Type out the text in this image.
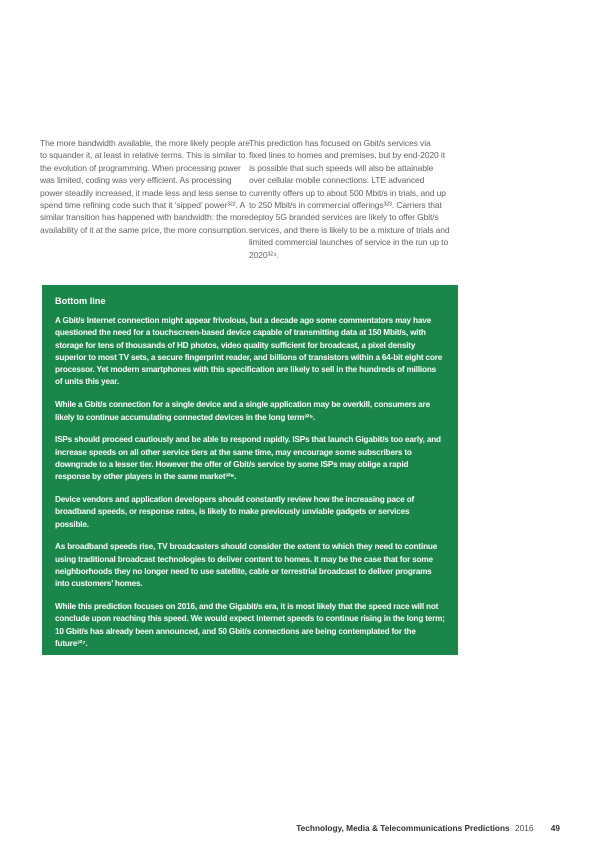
The more bandwidth available, the more likely people are to squander it, at least in relative terms. This is similar to the evolution of programming. When processing power was limited, coding was very efficient. As processing power steadily increased, it made less and less sense to spend time refining code such that it ‘sipped’ power³²². A similar transition has happened with bandwidth: the more availability of it at the same price, the more consumption.
This prediction has focused on Gbit/s services via fixed lines to homes and premises, but by end-2020 it is possible that such speeds will also be attainable over cellular mobile connections. LTE advanced currently offers up to about 500 Mbit/s in trials, and up to 250 Mbit/s in commercial offerings³²³. Carriers that deploy 5G branded services are likely to offer Gbit/s services, and there is likely to be a mixture of trials and limited commercial launches of service in the run up to 2020³²⁴.
Bottom line

A Gbit/s Internet connection might appear frivolous, but a decade ago some commentators may have questioned the need for a touchscreen-based device capable of transmitting data at 150 Mbit/s, with storage for tens of thousands of HD photos, video quality sufficient for broadcast, a pixel density superior to most TV sets, a secure fingerprint reader, and billions of transistors within a 64-bit eight core processor. Yet modern smartphones with this specification are likely to sell in the hundreds of millions of units this year.

While a Gbit/s connection for a single device and a single application may be overkill, consumers are likely to continue accumulating connected devices in the long term³²⁵.

ISPs should proceed cautiously and be able to respond rapidly. ISPs that launch Gigabit/s too early, and increase speeds on all other service tiers at the same time, may encourage some subscribers to downgrade to a lesser tier. However the offer of Gbit/s service by some ISPs may oblige a rapid response by other players in the same market³²⁶.

Device vendors and application developers should constantly review how the increasing pace of broadband speeds, or response rates, is likely to make previously unviable gadgets or services possible.

As broadband speeds rise, TV broadcasters should consider the extent to which they need to continue using traditional broadcast technologies to deliver content to homes. It may be the case that for some neighborhoods they no longer need to use satellite, cable or terrestrial broadcast to deliver programs into customers’ homes.

While this prediction focuses on 2016, and the Gigabit/s era, it is most likely that the speed race will not conclude upon reaching this speed. We would expect Internet speeds to continue rising in the long term; 10 Gbit/s has already been announced, and 50 Gbit/s connections are being contemplated for the future³²⁷.

Technology, Media & Telecommunications Predictions 2016 49
